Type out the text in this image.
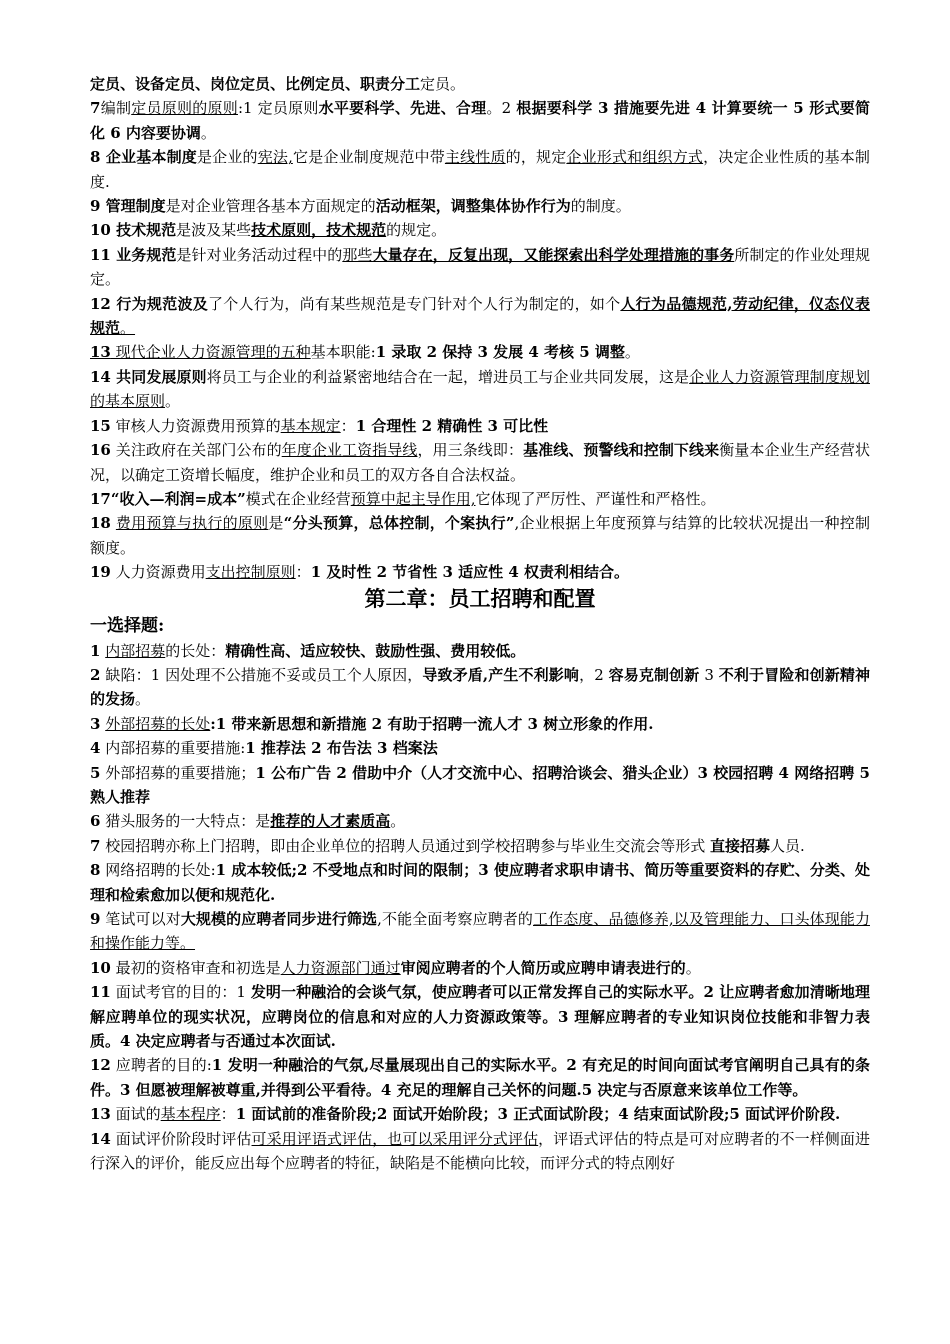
定员、设备定员、岗位定员、比例定员、职责分工定员。

7编制定员原则的原则:1 定员原则水平要科学、先进、合理。2 根据要科学 3 措施要先进 4 计算要统一 5 形式要简化 6 内容要协调。

8 企业基本制度是企业的宪法,它是企业制度规范中带主线性质的，规定企业形式和组织方式，决定企业性质的基本制度.

9 管理制度是对企业管理各基本方面规定的活动框架，调整集体协作行为的制度。

10 技术规范是波及某些技术原则，技术规范的规定。

11 业务规范是针对业务活动过程中的那些大量存在，反复出现，又能探索出科学处理措施的事务所制定的作业处理规定。

12 行为规范波及了个人行为，尚有某些规范是专门针对个人行为制定的，如个人行为品德规范,劳动纪律，仪态仪表规范。

13 现代企业人力资源管理的五种基本职能:1 录取 2 保持 3 发展 4 考核 5 调整。

14 共同发展原则将员工与企业的利益紧密地结合在一起，增进员工与企业共同发展，这是企业人力资源管理制度规划的基本原则。

15 审核人力资源费用预算的基本规定：1 合理性 2 精确性 3 可比性

16 关注政府在关部门公布的年度企业工资指导线，用三条线即：基准线、预警线和控制下线来衡量本企业生产经营状况，以确定工资增长幅度，维护企业和员工的双方各自合法权益。

17“收入—利润=成本”模式在企业经营预算中起主导作用,它体现了严厉性、严谨性和严格性。

18 费用预算与执行的原则是“分头预算，总体控制，个案执行”,企业根据上年度预算与结算的比较状况提出一种控制额度。

19 人力资源费用支出控制原则：1 及时性 2 节省性 3 适应性 4 权责利相结合。

第二章：员工招聘和配置
一选择题:

1 内部招募的长处：精确性高、适应较快、鼓励性强、费用较低。

2 缺陷：1 因处理不公措施不妥或员工个人原因，导致矛盾,产生不利影响，2 容易克制创新 3 不利于冒险和创新精神的发扬。

3 外部招募的长处:1 带来新思想和新措施 2 有助于招聘一流人才 3 树立形象的作用.

4 内部招募的重要措施:1 推荐法 2 布告法 3 档案法

5 外部招募的重要措施；1 公布广告 2 借助中介（人才交流中心、招聘洽谈会、猎头企业）3 校园招聘 4 网络招聘 5 熟人推荐

6 猎头服务的一大特点：是推荐的人才素质高。

7 校园招聘亦称上门招聘，即由企业单位的招聘人员通过到学校招聘参与毕业生交流会等形式 直接招募人员.

8 网络招聘的长处:1 成本较低;2 不受地点和时间的限制；3 使应聘者求职申请书、简历等重要资料的存贮、分类、处理和检索愈加以便和规范化.

9 笔试可以对大规模的应聘者同步进行筛选,不能全面考察应聘者的工作态度、品德修养,以及管理能力、口头体现能力和操作能力等。

10 最初的资格审查和初选是人力资源部门通过审阅应聘者的个人简历或应聘申请表进行的。

11 面试考官的目的：1 发明一种融洽的会谈气氛，使应聘者可以正常发挥自己的实际水平。2 让应聘者愈加清晰地理解应聘单位的现实状况，应聘岗位的信息和对应的人力资源政策等。3 理解应聘者的专业知识岗位技能和非智力表质。4 决定应聘者与否通过本次面试.

12 应聘者的目的:1 发明一种融洽的气氛,尽量展现出自己的实际水平。2 有充足的时间向面试考官阐明自己具有的条件。3 但愿被理解被尊重,并得到公平看待。4 充足的理解自己关怀的问题.5 决定与否原意来该单位工作等。

13 面试的基本程序：1 面试前的准备阶段;2 面试开始阶段；3 正式面试阶段；4 结束面试阶段;5 面试评价阶段.

14 面试评价阶段时评估可采用评语式评估，也可以采用评分式评估，评语式评估的特点是可对应聘者的不一样侧面进行深入的评价，能反应出每个应聘者的特征，缺陷是不能横向比较，而评分式的特点刚好
